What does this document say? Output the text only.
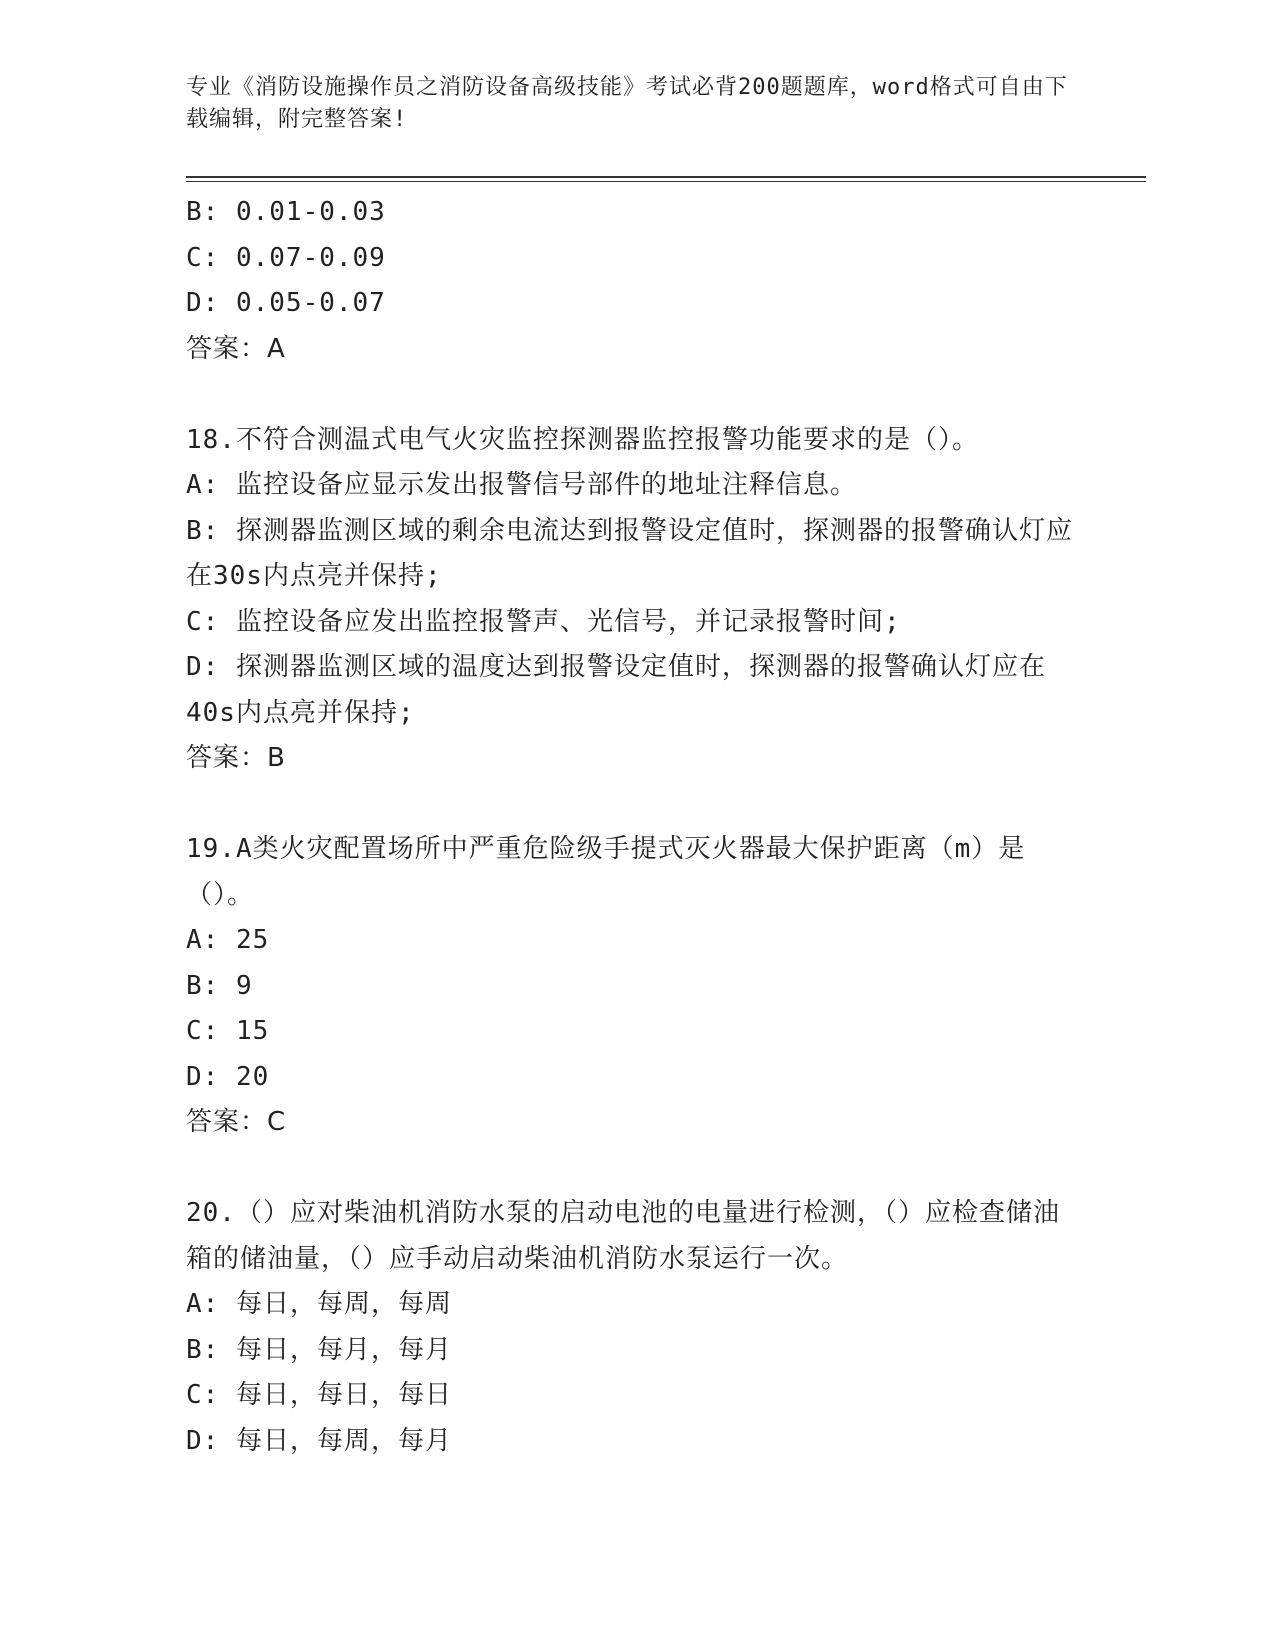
专业《消防设施操作员之消防设备高级技能》考试必背200题题库，word格式可自由下载编辑，附完整答案!
B: 0.01-0.03
C: 0.07-0.09
D: 0.05-0.07
答案：A
18.不符合测温式电气火灾监控探测器监控报警功能要求的是（）。
A: 监控设备应显示发出报警信号部件的地址注释信息。
B: 探测器监测区域的剩余电流达到报警设定值时，探测器的报警确认灯应在30s内点亮并保持;
C: 监控设备应发出监控报警声、光信号，并记录报警时间;
D: 探测器监测区域的温度达到报警设定值时，探测器的报警确认灯应在40s内点亮并保持;
答案：B
19.A类火灾配置场所中严重危险级手提式灭火器最大保护距离（m）是（）。
A: 25
B: 9
C: 15
D: 20
答案：C
20.（）应对柴油机消防水泵的启动电池的电量进行检测，（）应检查储油箱的储油量，（）应手动启动柴油机消防水泵运行一次。
A: 每日，每周，每周
B: 每日，每月，每月
C: 每日，每日，每日
D: 每日，每周，每月
